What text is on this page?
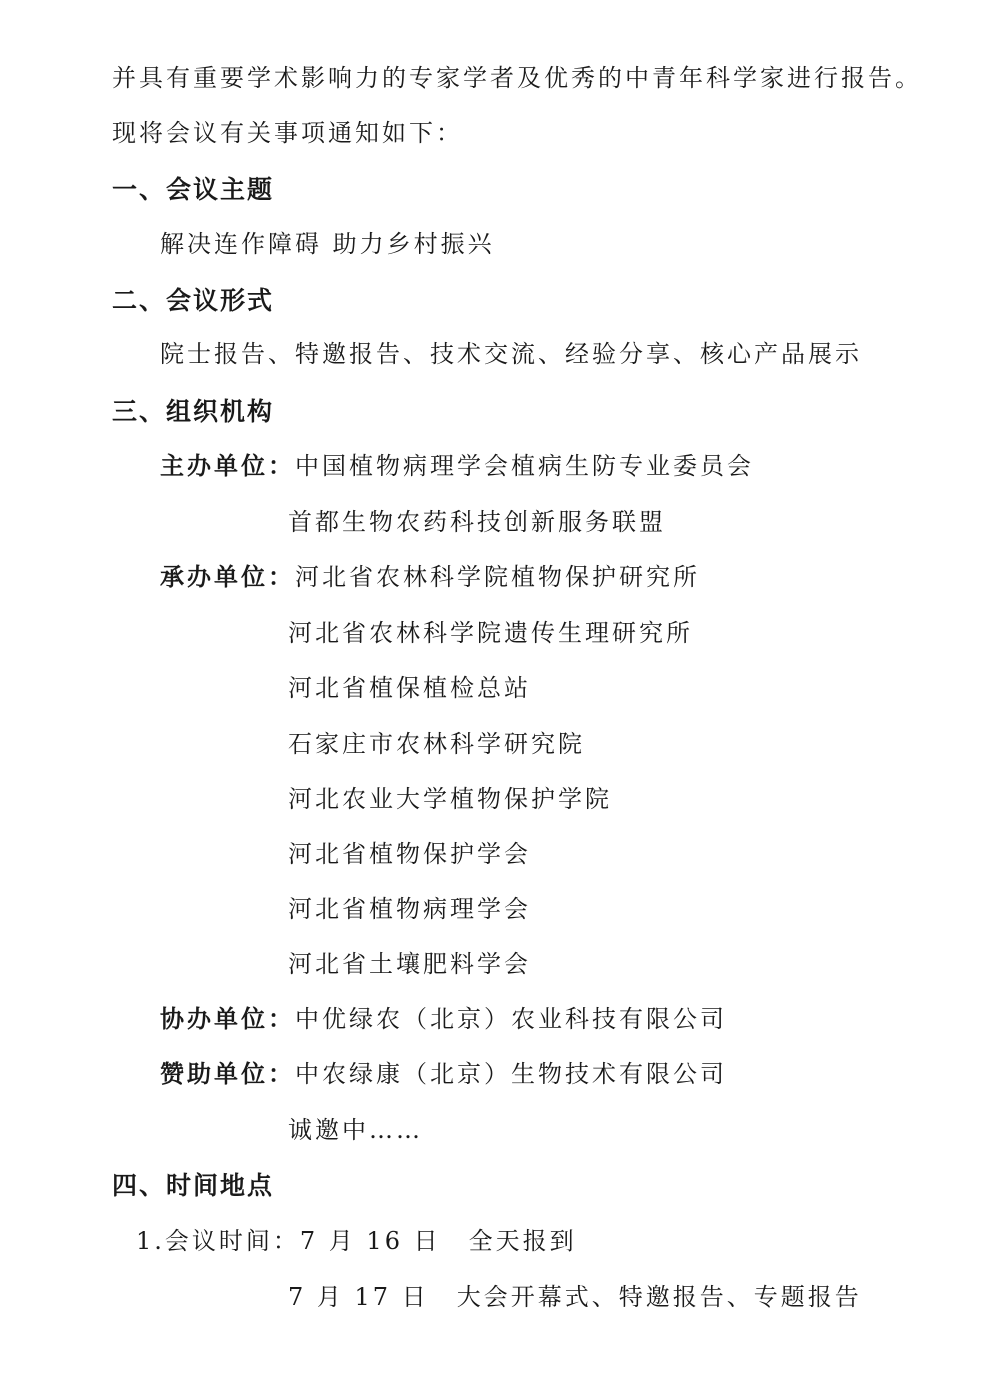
并具有重要学术影响力的专家学者及优秀的中青年科学家进行报告。
现将会议有关事项通知如下：
一、会议主题
解决连作障碍 助力乡村振兴
二、会议形式
院士报告、特邀报告、技术交流、经验分享、核心产品展示
三、组织机构
主办单位：中国植物病理学会植病生防专业委员会
首都生物农药科技创新服务联盟
承办单位：河北省农林科学院植物保护研究所
河北省农林科学院遗传生理研究所
河北省植保植检总站
石家庄市农林科学研究院
河北农业大学植物保护学院
河北省植物保护学会
河北省植物病理学会
河北省土壤肥料学会
协办单位：中优绿农（北京）农业科技有限公司
赞助单位：中农绿康（北京）生物技术有限公司
诚邀中……
四、时间地点
1.会议时间：7 月 16 日 全天报到
7 月 17 日 大会开幕式、特邀报告、专题报告
